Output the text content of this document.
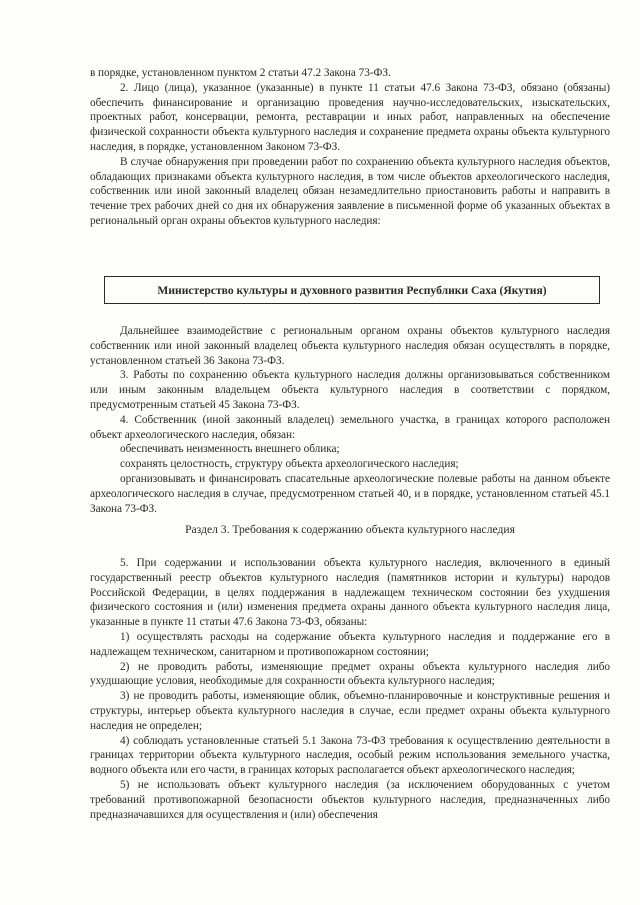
в порядке, установленном пунктом 2 статьи 47.2 Закона 73-ФЗ.

2. Лицо (лица), указанное (указанные) в пункте 11 статьи 47.6 Закона 73-ФЗ, обязано (обязаны) обеспечить финансирование и организацию проведения научно-исследовательских, изыскательских, проектных работ, консервации, ремонта, реставрации и иных работ, направленных на обеспечение физической сохранности объекта культурного наследия и сохранение предмета охраны объекта культурного наследия, в порядке, установленном Законом 73-ФЗ.

В случае обнаружения при проведении работ по сохранению объекта культурного наследия объектов, обладающих признаками объекта культурного наследия, в том числе объектов археологического наследия, собственник или иной законный владелец обязан незамедлительно приостановить работы и направить в течение трех рабочих дней со дня их обнаружения заявление в письменной форме об указанных объектах в региональный орган охраны объектов культурного наследия:

Министерство культуры и духовного развития Республики Саха (Якутия)

Дальнейшее взаимодействие с региональным органом охраны объектов культурного наследия собственник или иной законный владелец объекта культурного наследия обязан осуществлять в порядке, установленном статьей 36 Закона 73-ФЗ.

3. Работы по сохранению объекта культурного наследия должны организовываться собственником или иным законным владельцем объекта культурного наследия в соответствии с порядком, предусмотренным статьей 45 Закона 73-ФЗ.

4. Собственник (иной законный владелец) земельного участка, в границах которого расположен объект археологического наследия, обязан:

обеспечивать неизменность внешнего облика;

сохранять целостность, структуру объекта археологического наследия;

организовывать и финансировать спасательные археологические полевые работы на данном объекте археологического наследия в случае, предусмотренном статьей 40, и в порядке, установленном статьей 45.1 Закона 73-ФЗ.

Раздел 3. Требования к содержанию объекта культурного наследия

5. При содержании и использовании объекта культурного наследия, включенного в единый государственный реестр объектов культурного наследия (памятников истории и культуры) народов Российской Федерации, в целях поддержания в надлежащем техническом состоянии без ухудшения физического состояния и (или) изменения предмета охраны данного объекта культурного наследия лица, указанные в пункте 11 статьи 47.6 Закона 73-ФЗ, обязаны:

1) осуществлять расходы на содержание объекта культурного наследия и поддержание его в надлежащем техническом, санитарном и противопожарном состоянии;

2) не проводить работы, изменяющие предмет охраны объекта культурного наследия либо ухудшающие условия, необходимые для сохранности объекта культурного наследия;

3) не проводить работы, изменяющие облик, объемно-планировочные и конструктивные решения и структуры, интерьер объекта культурного наследия в случае, если предмет охраны объекта культурного наследия не определен;

4) соблюдать установленные статьей 5.1 Закона 73-ФЗ требования к осуществлению деятельности в границах территории объекта культурного наследия, особый режим использования земельного участка, водного объекта или его части, в границах которых располагается объект археологического наследия;

5) не использовать объект культурного наследия (за исключением оборудованных с учетом требований противопожарной безопасности объектов культурного наследия, предназначенных либо предназначавшихся для осуществления и (или) обеспечения
